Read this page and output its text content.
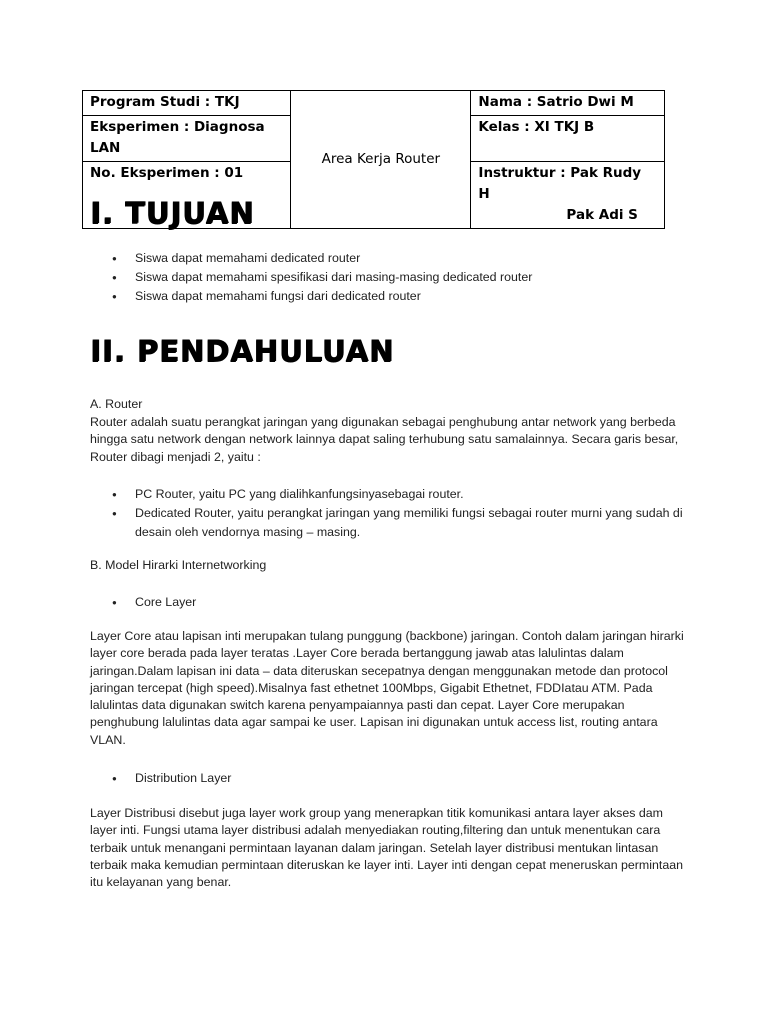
Program Studi : TKJ	Area Kerja Router	Nama : Satrio Dwi M
Eksperimen : Diagnosa
LAN		Kelas : XI TKJ B
No. Eksperimen : 01		Instruktur : Pak Rudy H
Pak Adi S
I. TUJUAN
● Siswa dapat memahami dedicated router
● Siswa dapat memahami spesifikasi dari masing-masing dedicated router
● Siswa dapat memahami fungsi dari dedicated router
II. PENDAHULUAN

A. Router

Router adalah suatu perangkat jaringan yang digunakan sebagai penghubung antar network yang berbeda hingga satu network dengan network lainnya dapat saling terhubung satu samalainnya. Secara garis besar, Router dibagi menjadi 2, yaitu :

● PC Router, yaitu PC yang dialihkanfungsinyasebagai router.
● Dedicated Router, yaitu perangkat jaringan yang memiliki fungsi sebagai router murni yang sudah di desain oleh vendornya masing – masing.

B. Model Hirarki Internetworking

● Core Layer

Layer Core atau lapisan inti merupakan tulang punggung (backbone) jaringan. Contoh dalam jaringan hirarki layer core berada pada layer teratas .Layer Core berada bertanggung jawab atas lalulintas dalam jaringan.Dalam lapisan ini data – data diteruskan secepatnya dengan menggunakan metode dan protocol jaringan tercepat (high speed).Misalnya fast ethetnet 100Mbps, Gigabit Ethetnet, FDDIatau ATM. Pada lalulintas data digunakan switch karena penyampaiannya pasti dan cepat. Layer Core merupakan penghubung lalulintas data agar sampai ke user. Lapisan ini digunakan untuk access list, routing antara VLAN.

● Distribution Layer

Layer Distribusi disebut juga layer work group yang menerapkan titik komunikasi antara layer akses dam layer inti. Fungsi utama layer distribusi adalah menyediakan routing,filtering dan untuk menentukan cara terbaik untuk menangani permintaan layanan dalam jaringan. Setelah layer distribusi mentukan lintasan terbaik maka kemudian permintaan diteruskan ke layer inti. Layer inti dengan cepat meneruskan permintaan itu kelayanan yang benar.
